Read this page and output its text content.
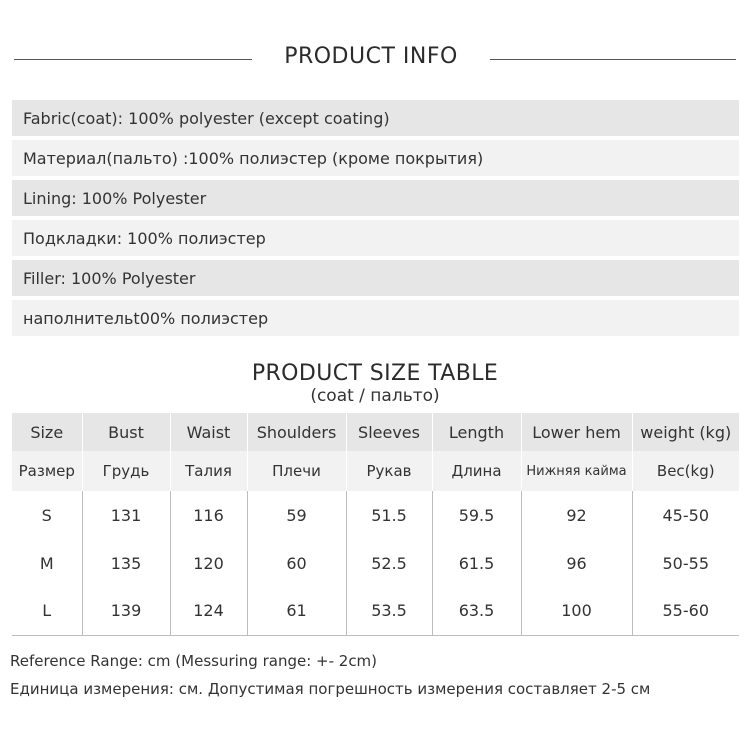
PRODUCT INFO
Fabric(coat): 100% polyester (except coating)
Материал(пальто) :100% полиэстер (кроме покрытия)
Lining: 100% Polyester
Подкладки: 100% полиэстер
Filler: 100% Polyester
наполнительt00% полиэстер
PRODUCT SIZE TABLE
(coat / пальто)
Size	Bust	Waist	Shoulders	Sleeves	Length	Lower hem	weight (kg)
Размер	Грудь	Талия	Плечи	Рукав	Длина	Нижняя кайма	Вес(kg)
S	131	116	59	51.5	59.5	92	45-50
M	135	120	60	52.5	61.5	96	50-55
L	139	124	61	53.5	63.5	100	55-60
Reference Range: cm (Messuring range: +- 2cm)
Единица измерения: см. Допустимая погрешность измерения составляет 2-5 см
